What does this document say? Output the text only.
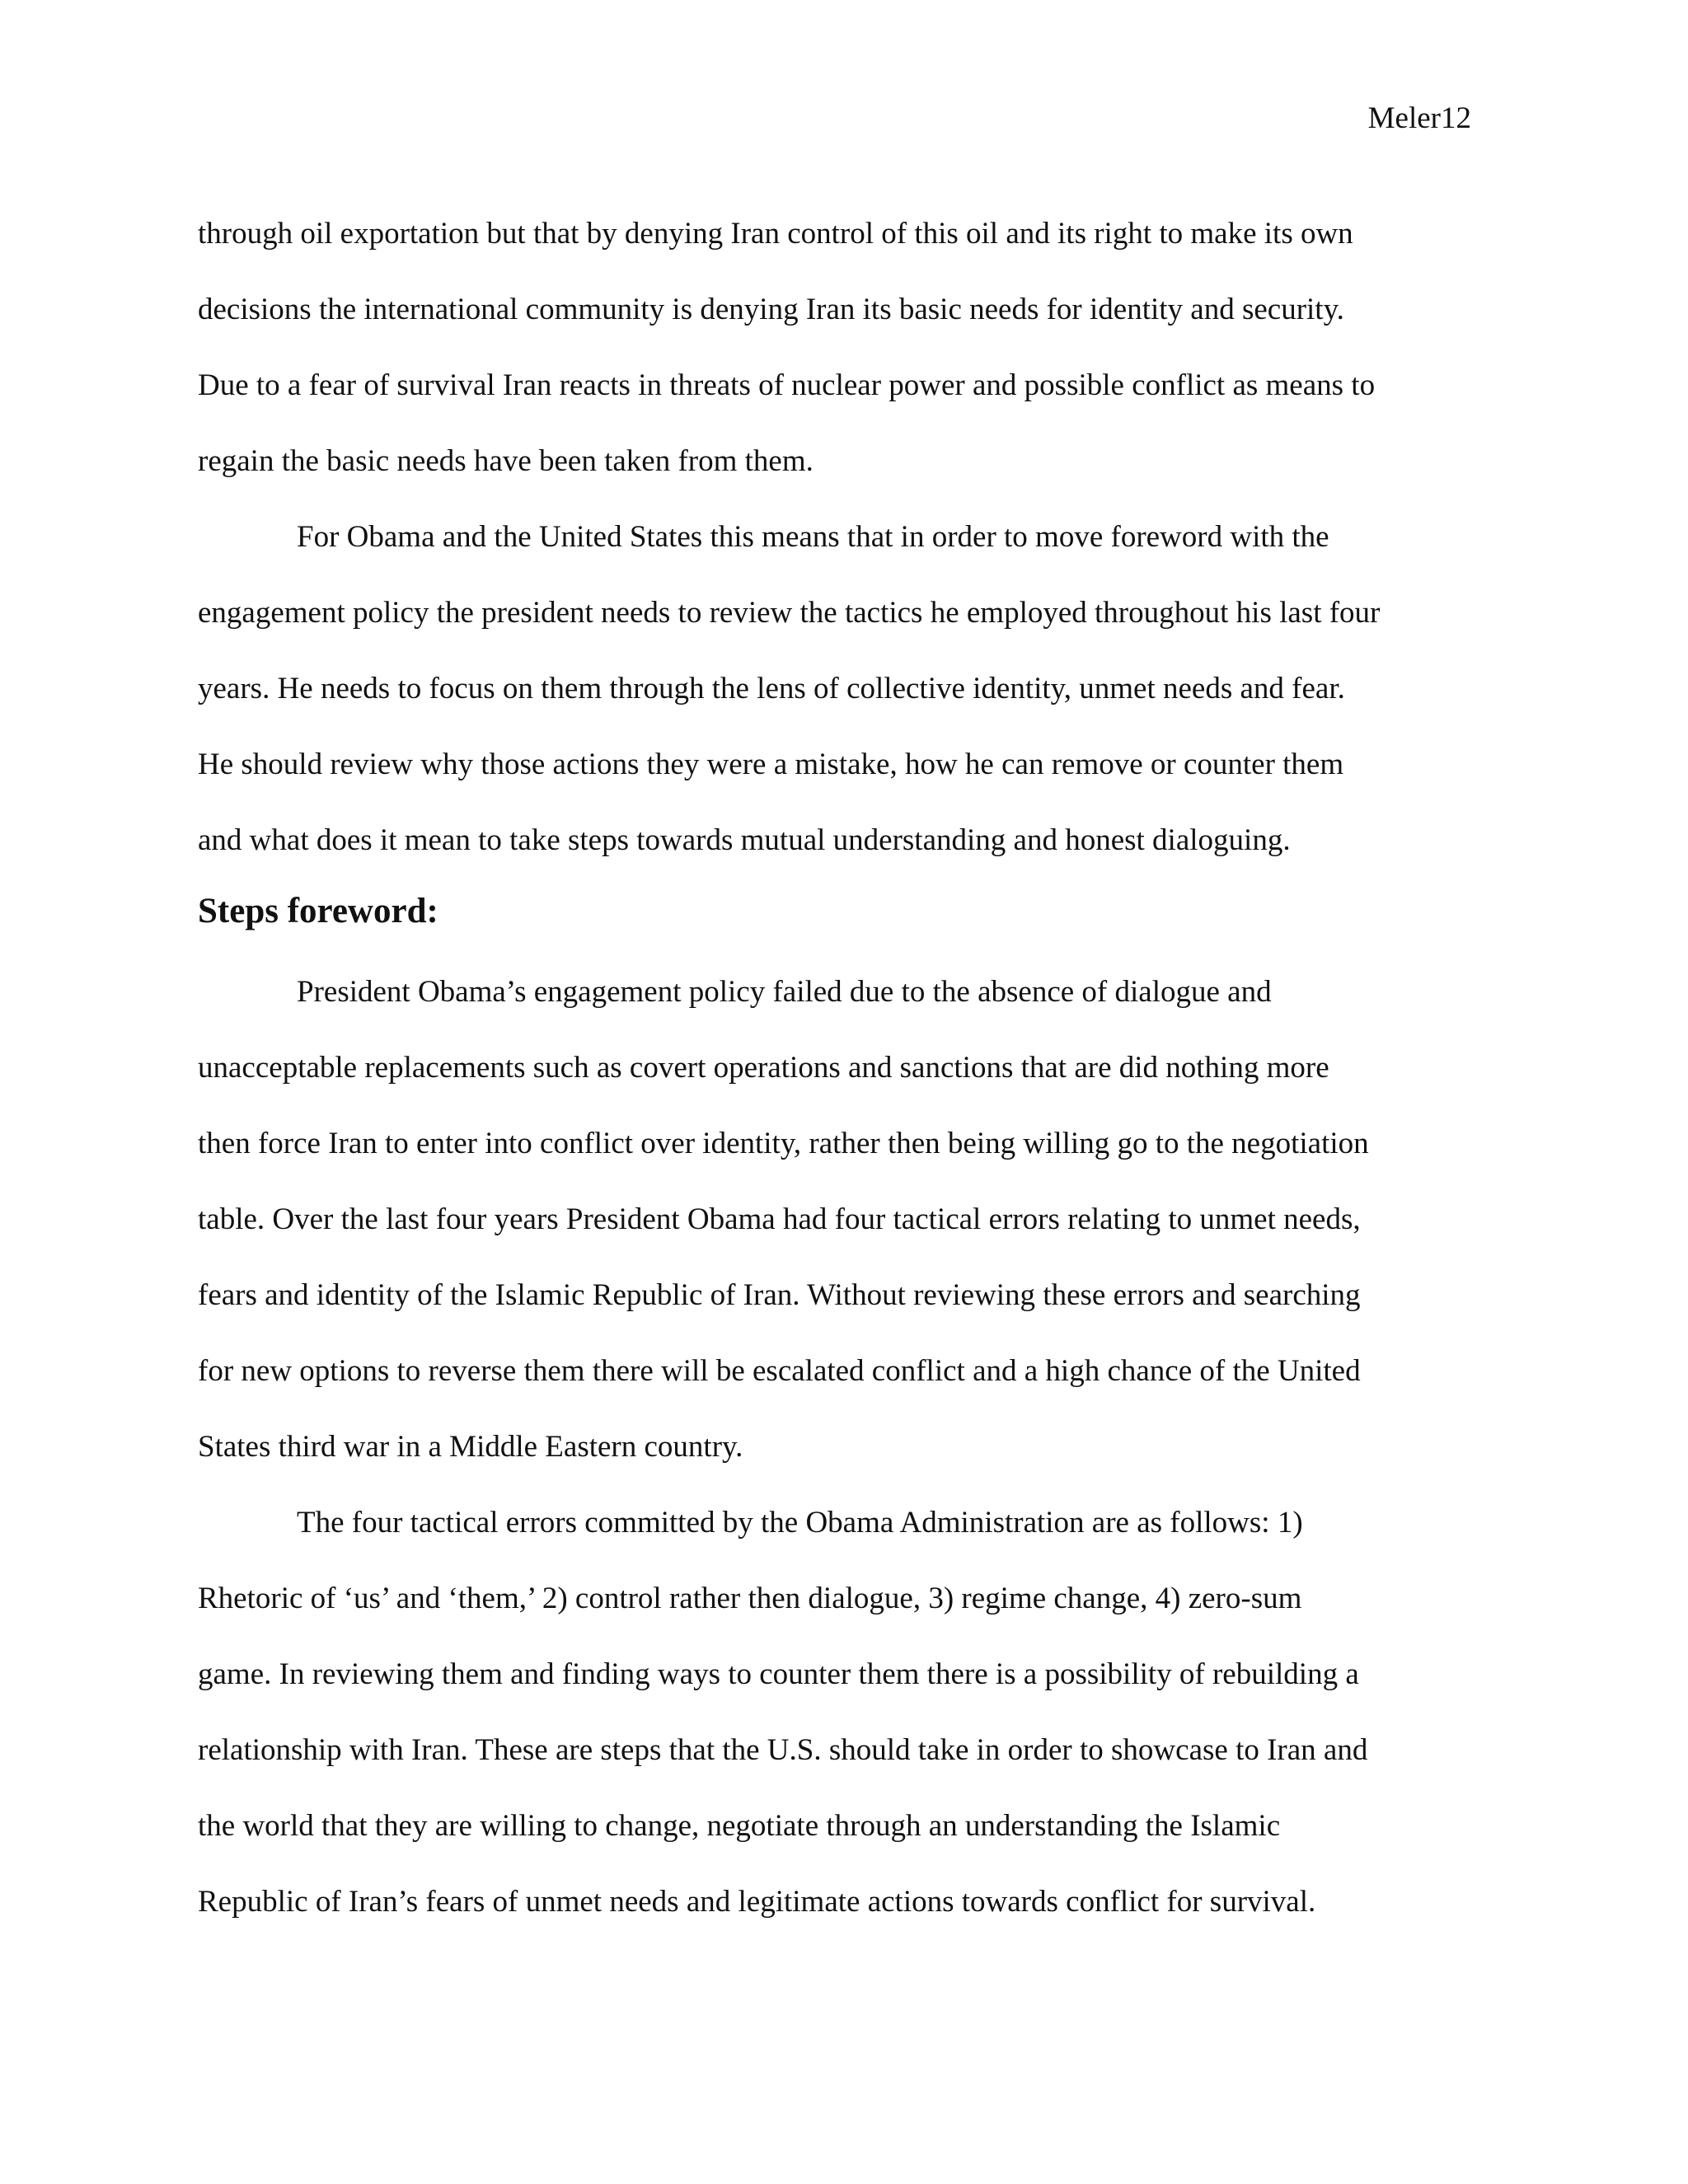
Meler12
through oil exportation but that by denying Iran control of this oil and its right to make its own
decisions the international community is denying Iran its basic needs for identity and security.
Due to a fear of survival Iran reacts in threats of nuclear power and possible conflict as means to
regain the basic needs have been taken from them.
For Obama and the United States this means that in order to move foreword with the
engagement policy the president needs to review the tactics he employed throughout his last four
years. He needs to focus on them through the lens of collective identity, unmet needs and fear.
He should review why those actions they were a mistake, how he can remove or counter them
and what does it mean to take steps towards mutual understanding and honest dialoguing.
Steps foreword:
President Obama’s engagement policy failed due to the absence of dialogue and
unacceptable replacements such as covert operations and sanctions that are did nothing more
then force Iran to enter into conflict over identity, rather then being willing go to the negotiation
table. Over the last four years President Obama had four tactical errors relating to unmet needs,
fears and identity of the Islamic Republic of Iran. Without reviewing these errors and searching
for new options to reverse them there will be escalated conflict and a high chance of the United
States third war in a Middle Eastern country.
The four tactical errors committed by the Obama Administration are as follows: 1)
Rhetoric of ‘us’ and ‘them,’ 2) control rather then dialogue, 3) regime change, 4) zero-sum
game. In reviewing them and finding ways to counter them there is a possibility of rebuilding a
relationship with Iran. These are steps that the U.S. should take in order to showcase to Iran and
the world that they are willing to change, negotiate through an understanding the Islamic
Republic of Iran’s fears of unmet needs and legitimate actions towards conflict for survival.
